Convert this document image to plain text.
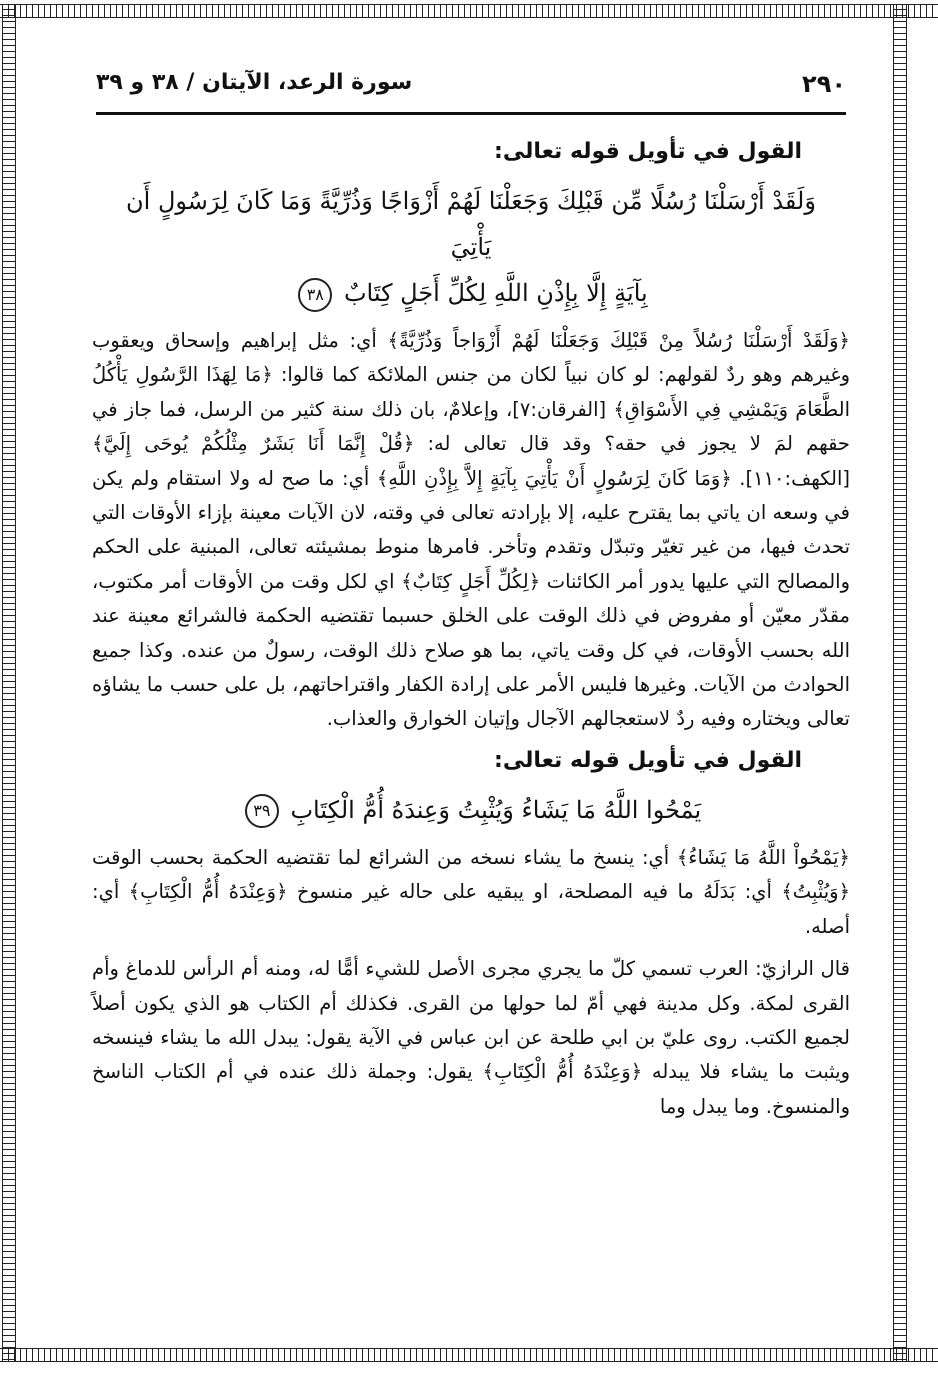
٢٩٠
سورة الرعد، الآيتان / ٣٨ و ٣٩
القول في تأويل قوله تعالى:
وَلَقَدْ أَرْسَلْنَا رُسُلًا مِّن قَبْلِكَ وَجَعَلْنَا لَهُمْ أَزْوَاجًا وَذُرِّيَّةً وَمَا كَانَ لِرَسُولٍ أَن يَأْتِيَ
بِآيَةٍ إِلَّا بِإِذْنِ اللَّهِ لِكُلِّ أَجَلٍ كِتَابٌ ٣٨

﴿وَلَقَدْ أَرْسَلْنَا رُسُلاً مِنْ قَبْلِكَ وَجَعَلْنَا لَهُمْ أَزْوَاجاً وَذُرِّيَّةً﴾ أي: مثل إبراهيم وإسحاق ويعقوب وغيرهم وهو ردٌ لقولهم: لو كان نبياً لكان من جنس الملائكة كما قالوا: ﴿مَا لِهَذَا الرَّسُولِ يَأْكُلُ الطَّعَامَ وَيَمْشِي فِي الأَسْوَاقِ﴾ [الفرقان:٧]، وإعلامٌ، بان ذلك سنة كثير من الرسل، فما جاز في حقهم لمَ لا يجوز في حقه؟ وقد قال تعالى له: ﴿قُلْ إِنَّمَا أَنَا بَشَرٌ مِثْلُكُمْ يُوحَى إِلَيَّ﴾ [الكهف:١١٠]. ﴿وَمَا كَانَ لِرَسُولٍ أَنْ يَأْتِيَ بِآيَةٍ إِلاَّ بِإِذْنِ اللَّهِ﴾ أي: ما صح له ولا استقام ولم يكن في وسعه ان ياتي بما يقترح عليه، إلا بإرادته تعالى في وقته، لان الآيات معينة بإزاء الأوقات التي تحدث فيها، من غير تغيّر وتبدّل وتقدم وتأخر. فامرها منوط بمشيئته تعالى، المبنية على الحكم والمصالح التي عليها يدور أمر الكائنات ﴿لِكُلِّ أَجَلٍ كِتَابٌ﴾ اي لكل وقت من الأوقات أمر مكتوب، مقدّر معيّن أو مفروض في ذلك الوقت على الخلق حسبما تقتضيه الحكمة فالشرائع معينة عند الله بحسب الأوقات، في كل وقت ياتي، بما هو صلاح ذلك الوقت، رسولٌ من عنده. وكذا جميع الحوادث من الآيات. وغيرها فليس الأمر على إرادة الكفار واقتراحاتهم، بل على حسب ما يشاؤه تعالى ويختاره وفيه ردٌ لاستعجالهم الآجال وإتيان الخوارق والعذاب.

القول في تأويل قوله تعالى:
يَمْحُوا اللَّهُ مَا يَشَاءُ وَيُثْبِتُ وَعِندَهُ أُمُّ الْكِتَابِ ٣٩

﴿يَمْحُواْ اللَّهُ مَا يَشَاءُ﴾ أي: ينسخ ما يشاء نسخه من الشرائع لما تقتضيه الحكمة بحسب الوقت ﴿وَيُثْبِتُ﴾ أي: بَدَلَهُ ما فيه المصلحة، او يبقيه على حاله غير منسوخ ﴿وَعِنْدَهُ أُمُّ الْكِتَابِ﴾ أي: أصله.

قال الرازيّ: العرب تسمي كلّ ما يجري مجرى الأصل للشيء أمًّا له، ومنه أم الرأس للدماغ وأم القرى لمكة. وكل مدينة فهي أمّ لما حولها من القرى. فكذلك أم الكتاب هو الذي يكون أصلاً لجميع الكتب. روى عليّ بن ابي طلحة عن ابن عباس في الآية يقول: يبدل الله ما يشاء فينسخه ويثبت ما يشاء فلا يبدله ﴿وَعِنْدَهُ أُمُّ الْكِتَابِ﴾ يقول: وجملة ذلك عنده في أم الكتاب الناسخ والمنسوخ. وما يبدل وما
